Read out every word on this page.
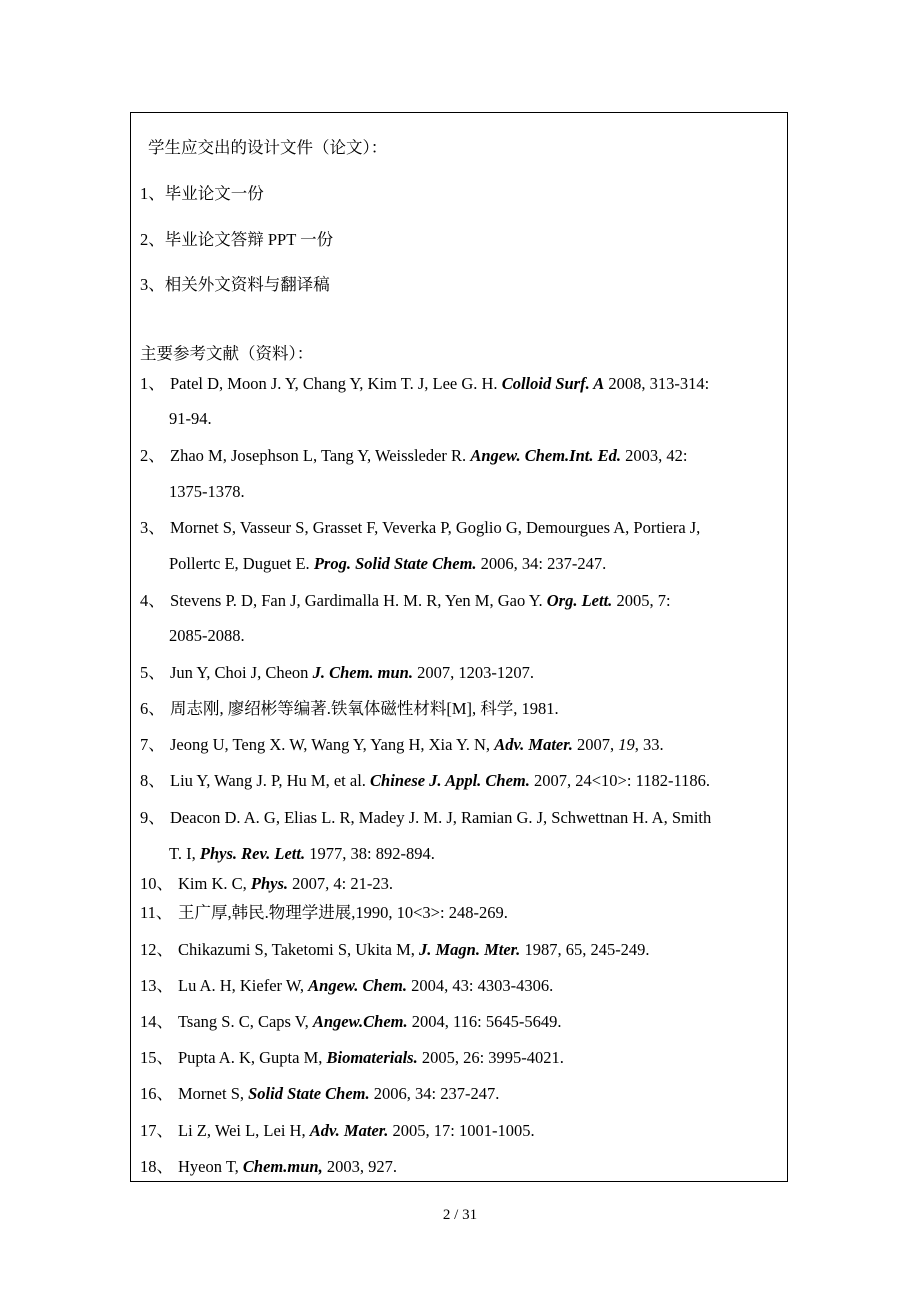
学生应交出的设计文件（论文）：
1、毕业论文一份
2、毕业论文答辩 PPT 一份
3、相关外文资料与翻译稿
主要参考文献（资料）：
1、 Patel D, Moon J. Y, Chang Y, Kim T. J, Lee G. H. Colloid Surf. A 2008, 313-314:
91-94.
2、 Zhao M, Josephson L, Tang Y, Weissleder R. Angew. Chem.Int. Ed. 2003, 42:
1375-1378.
3、 Mornet S, Vasseur S, Grasset F, Veverka P, Goglio G, Demourgues A, Portiera J,
Pollertc E, Duguet E. Prog. Solid State Chem. 2006, 34: 237-247.
4、 Stevens P. D, Fan J, Gardimalla H. M. R, Yen M, Gao Y. Org. Lett. 2005, 7:
2085-2088.
5、 Jun Y, Choi J, Cheon J. Chem. mun. 2007, 1203-1207.
6、 周志刚, 廖绍彬等编著.铁氧体磁性材料[M], 科学, 1981.
7、 Jeong U, Teng X. W, Wang Y, Yang H, Xia Y. N, Adv. Mater. 2007, 19, 33.
8、 Liu Y, Wang J. P, Hu M, et al. Chinese J. Appl. Chem. 2007, 24<10>: 1182-1186.
9、 Deacon D. A. G, Elias L. R, Madey J. M. J, Ramian G. J, Schwettnan H. A, Smith
T. I, Phys. Rev. Lett. 1977, 38: 892-894.
10、 Kim K. C, Phys. 2007, 4: 21-23.
11、 王广厚,韩民.物理学进展,1990, 10<3>: 248-269.
12、 Chikazumi S, Taketomi S, Ukita M, J. Magn. Mter. 1987, 65, 245-249.
13、 Lu A. H, Kiefer W, Angew. Chem. 2004, 43: 4303-4306.
14、 Tsang S. C, Caps V, Angew.Chem. 2004, 116: 5645-5649.
15、 Pupta A. K, Gupta M, Biomaterials. 2005, 26: 3995-4021.
16、 Mornet S, Solid State Chem. 2006, 34: 237-247.
17、 Li Z, Wei L, Lei H, Adv. Mater. 2005, 17: 1001-1005.
18、 Hyeon T, Chem.mun, 2003, 927.
2 / 31
